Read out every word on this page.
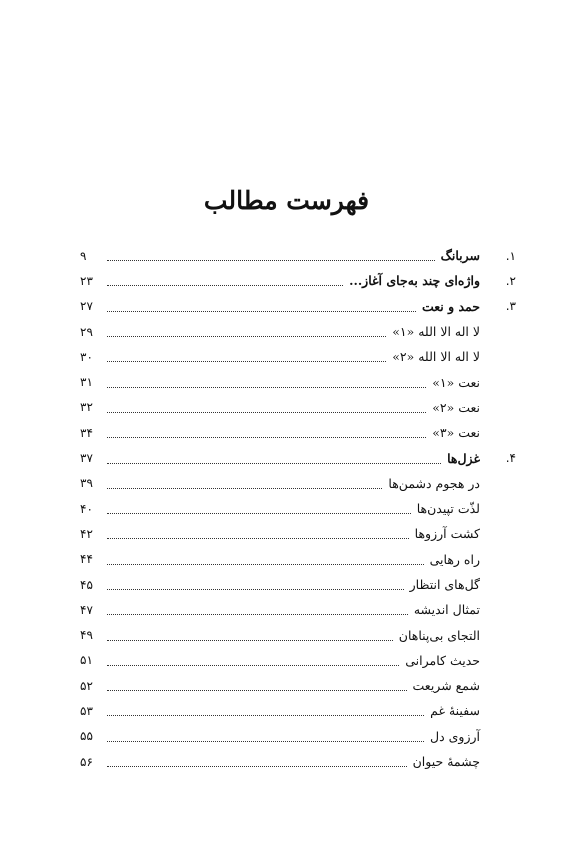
فهرست مطالب
۱.
سربانگ
۹
۲.
واژه‌ای چند به‌جای آغاز...
۲۳
۳.
حمد و نعت
۲۷
لا اله الا الله «۱»
۲۹
لا اله الا الله «۲»
۳۰
نعت «۱»
۳۱
نعت «۲»
۳۲
نعت «۳»
۳۴
۴.
غزل‌ها
۳۷
در هجوم دشمن‌ها
۳۹
لذّت تپیدن‌ها
۴۰
کشت آرزوها
۴۲
راه رهایی
۴۴
گل‌های انتظار
۴۵
تمثال اندیشه
۴۷
التجای بی‌پناهان
۴۹
حدیث کامرانی
۵۱
شمع شریعت
۵۲
سفینهٔ غم
۵۳
آرزوی دل
۵۵
چشمهٔ حیوان
۵۶
